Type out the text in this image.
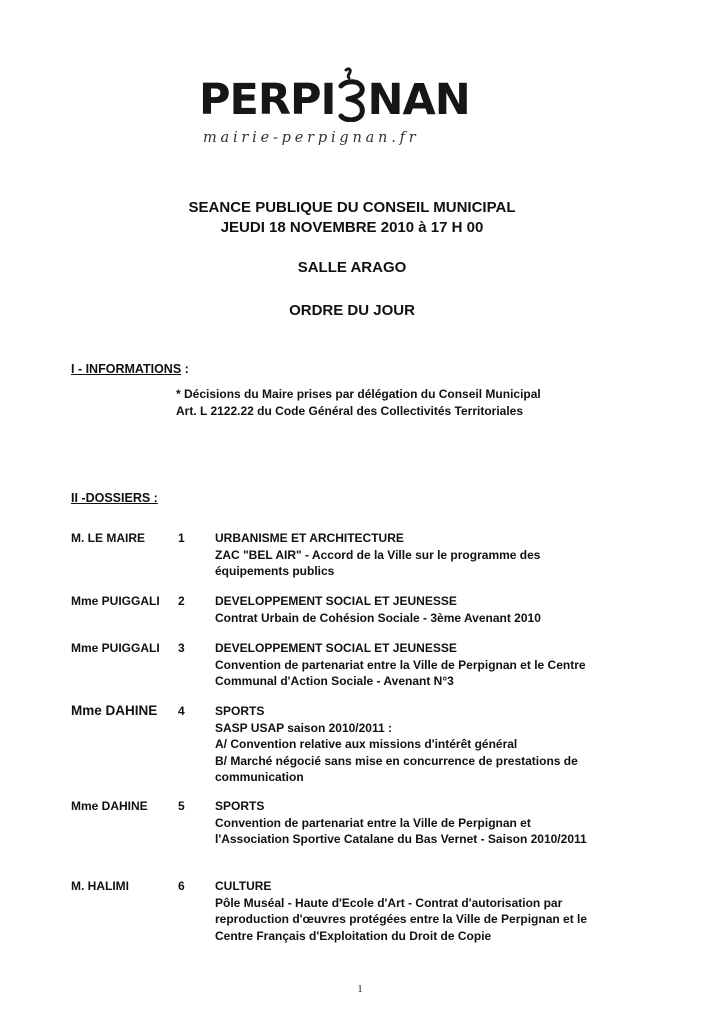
PERPI NAN
mairie-perpignan.fr
SEANCE PUBLIQUE DU CONSEIL MUNICIPAL
JEUDI 18 NOVEMBRE 2010 à 17 H 00
SALLE ARAGO
ORDRE DU JOUR
I - INFORMATIONS :
* Décisions du Maire prises par délégation du Conseil Municipal
Art. L 2122.22 du Code Général des Collectivités Territoriales
II -DOSSIERS :
M. LE MAIRE	1	URBANISME ET ARCHITECTURE
ZAC "BEL AIR" - Accord de la Ville sur le programme des
équipements publics
Mme PUIGGALI 2	DEVELOPPEMENT SOCIAL ET JEUNESSE
Contrat Urbain de Cohésion Sociale - 3ème Avenant 2010
Mme PUIGGALI 3	DEVELOPPEMENT SOCIAL ET JEUNESSE
Convention de partenariat entre la Ville de Perpignan et le Centre
Communal d'Action Sociale - Avenant N°3
Mme DAHINE 4	SPORTS
SASP USAP saison 2010/2011 :
A/ Convention relative aux missions d'intérêt général
B/ Marché négocié sans mise en concurrence de prestations de
communication
Mme DAHINE	5	SPORTS
Convention de partenariat entre la Ville de Perpignan et
l'Association Sportive Catalane du Bas Vernet - Saison 2010/2011
M. HALIMI	6	CULTURE
Pôle Muséal - Haute d'Ecole d'Art - Contrat d'autorisation par
reproduction d'œuvres protégées entre la Ville de Perpignan et le
Centre Français d'Exploitation du Droit de Copie
1
